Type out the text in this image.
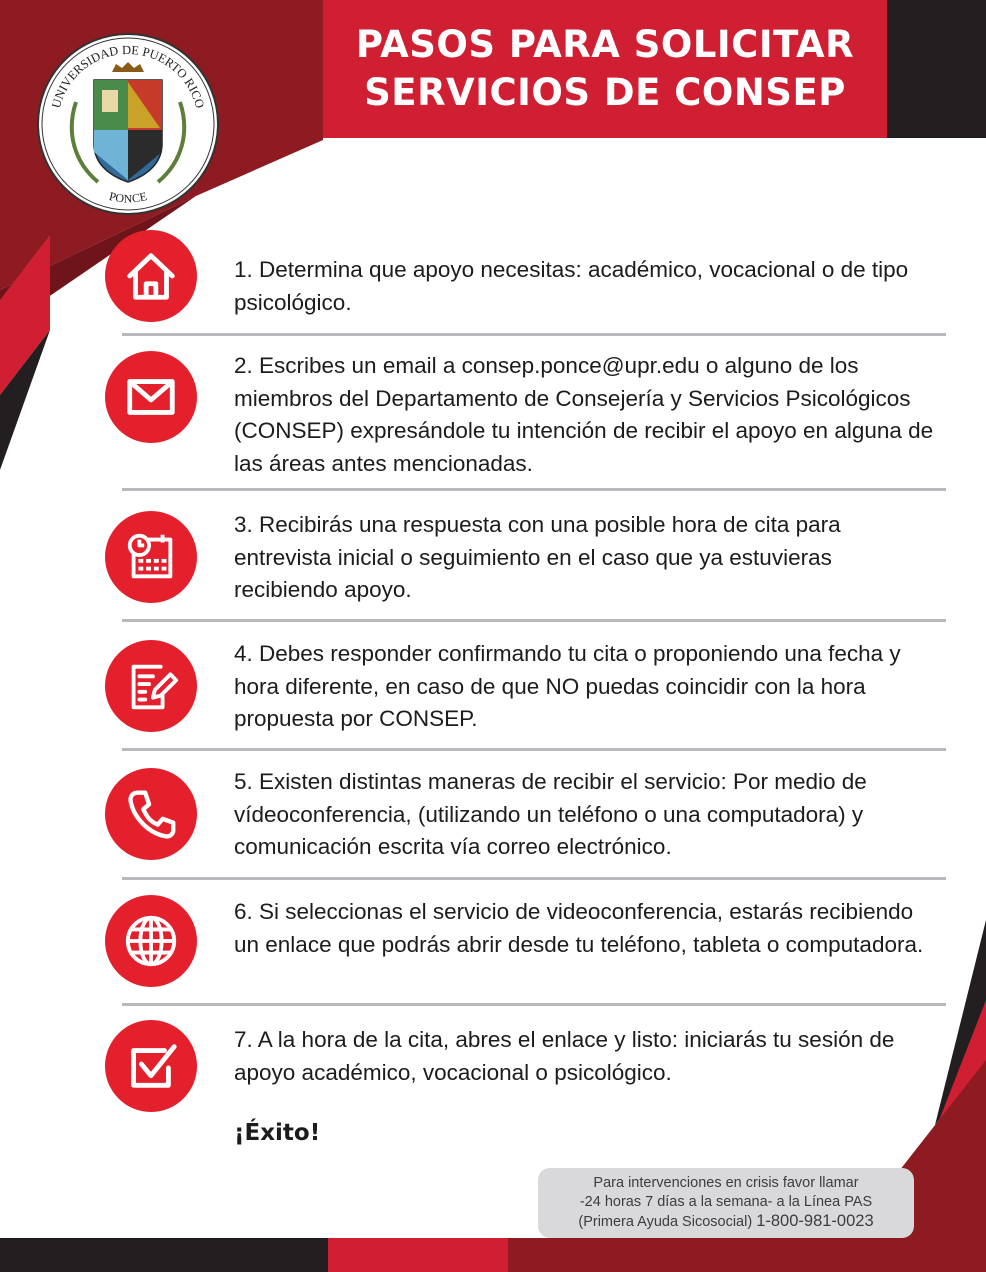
PASOS PARA SOLICITAR
SERVICIOS DE CONSEP
UNIVERSIDAD DE PUERTO RICO
PONCE

1. Determina que apoyo necesitas: académico, vocacional o de tipo psicológico.

2. Escribes un email a consep.ponce@upr.edu o alguno de los miembros del Departamento de Consejería y Servicios Psicológicos (CONSEP) expresándole tu intención de recibir el apoyo en alguna de las áreas antes mencionadas.

3. Recibirás una respuesta con una posible hora de cita para entrevista inicial o seguimiento en el caso que ya estuvieras recibiendo apoyo.

4. Debes responder confirmando tu cita o proponiendo una fecha y hora diferente, en caso de que NO puedas coincidir con la hora propuesta por CONSEP.

5. Existen distintas maneras de recibir el servicio: Por medio de vídeoconferencia, (utilizando un teléfono o una computadora) y comunicación escrita vía correo electrónico.

6. Si seleccionas el servicio de videoconferencia, estarás recibiendo un enlace que podrás abrir desde tu teléfono, tableta o computadora.

7. A la hora de la cita, abres el enlace y listo: iniciarás tu sesión de apoyo académico, vocacional o psicológico.

¡Éxito!
Para intervenciones en crisis favor llamar
-24 horas 7 días a la semana- a la Línea PAS
(Primera Ayuda Sicosocial) 1-800-981-0023
